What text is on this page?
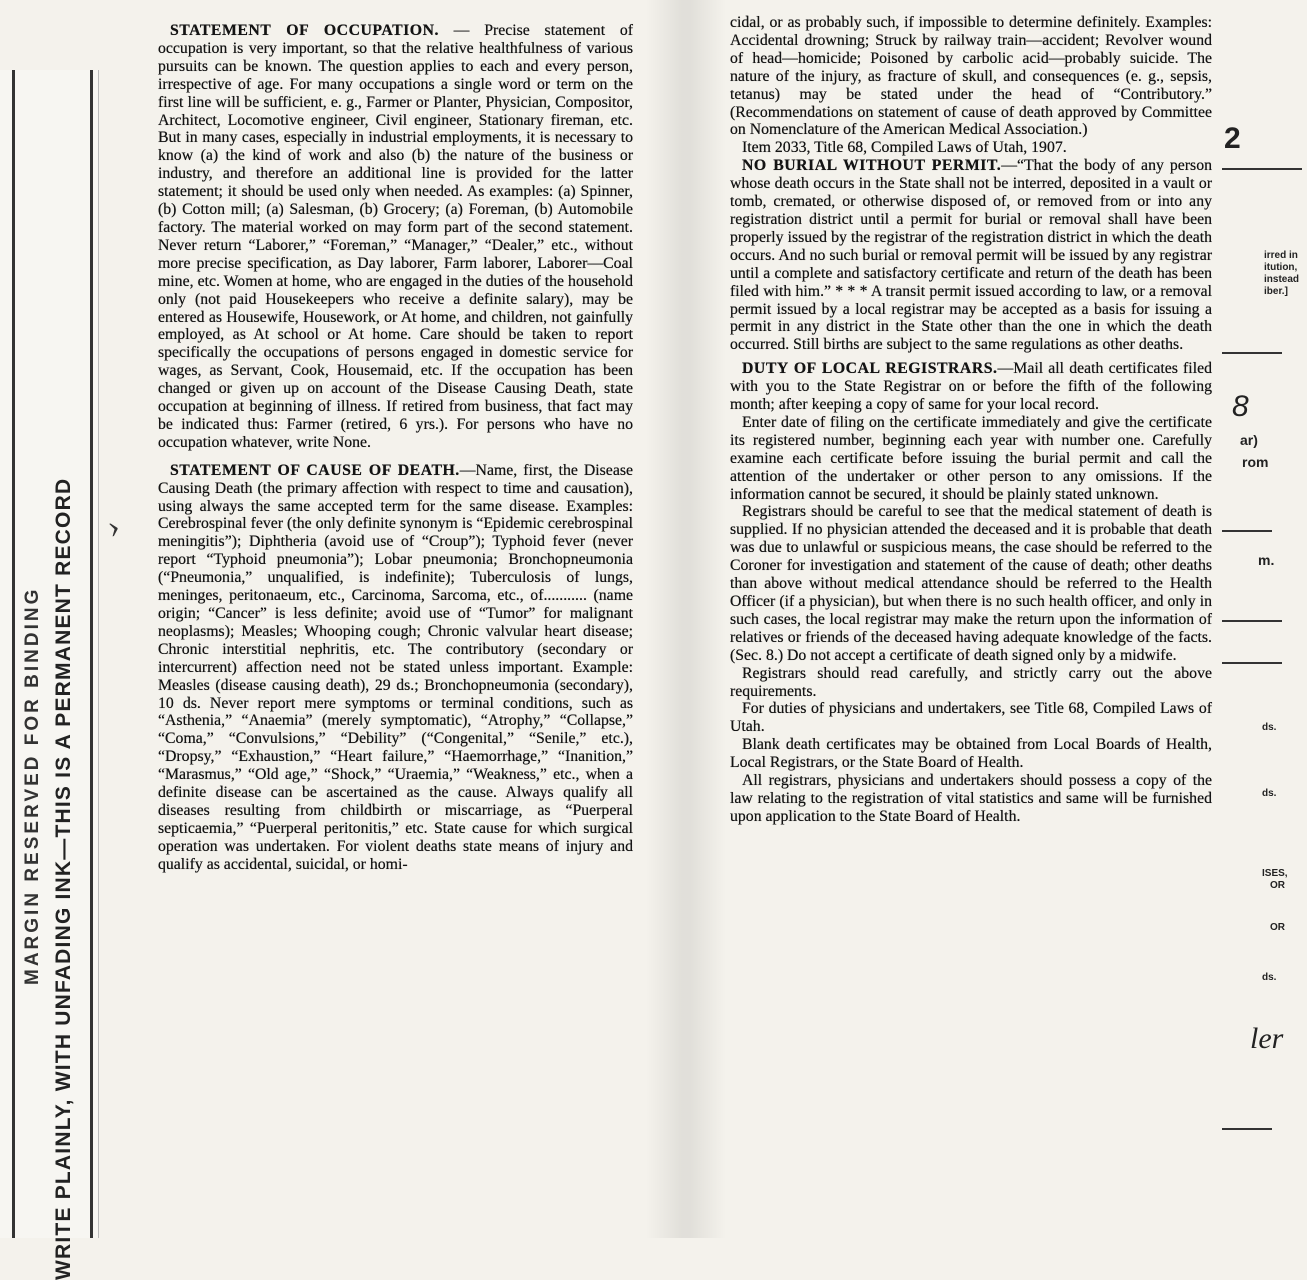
MARGIN RESERVED FOR BINDING WRITE PLAINLY, WITH UNFADING INK—THIS IS A PERMANENT RECORD ›

STATEMENT OF OCCUPATION. — Precise statement of occupation is very important, so that the relative healthfulness of various pursuits can be known. The question applies to each and every person, irrespective of age. For many occupations a single word or term on the first line will be sufficient, e. g., Farmer or Planter, Physician, Compositor, Architect, Locomotive engineer, Civil engineer, Stationary fireman, etc. But in many cases, especially in industrial employments, it is necessary to know (a) the kind of work and also (b) the nature of the business or industry, and therefore an additional line is provided for the latter statement; it should be used only when needed. As examples: (a) Spinner, (b) Cotton mill; (a) Salesman, (b) Grocery; (a) Foreman, (b) Automobile factory. The material worked on may form part of the second statement. Never return “Laborer,” “Foreman,” “Manager,” “Dealer,” etc., without more precise specification, as Day laborer, Farm laborer, Laborer—Coal mine, etc. Women at home, who are engaged in the duties of the household only (not paid Housekeepers who receive a definite salary), may be entered as Housewife, Housework, or At home, and children, not gainfully employed, as At school or At home. Care should be taken to report specifically the occupations of persons engaged in domestic service for wages, as Servant, Cook, Housemaid, etc. If the occupation has been changed or given up on account of the Disease Causing Death, state occupation at beginning of illness. If retired from business, that fact may be indicated thus: Farmer (retired, 6 yrs.). For persons who have no occupation whatever, write None.

STATEMENT OF CAUSE OF DEATH.—Name, first, the Disease Causing Death (the primary affection with respect to time and causation), using always the same accepted term for the same disease. Examples: Cerebrospinal fever (the only definite synonym is “Epidemic cerebrospinal meningitis”); Diphtheria (avoid use of “Croup”); Typhoid fever (never report “Typhoid pneumonia”); Lobar pneumonia; Bronchopneumonia (“Pneumonia,” unqualified, is indefinite); Tuberculosis of lungs, meninges, peritonaeum, etc., Carcinoma, Sarcoma, etc., of........... (name origin; “Cancer” is less definite; avoid use of “Tumor” for malignant neoplasms); Measles; Whooping cough; Chronic valvular heart disease; Chronic interstitial nephritis, etc. The contributory (secondary or intercurrent) affection need not be stated unless important. Example: Measles (disease causing death), 29 ds.; Bronchopneumonia (secondary), 10 ds. Never report mere symptoms or terminal conditions, such as “Asthenia,” “Anaemia” (merely symptomatic), “Atrophy,” “Collapse,” “Coma,” “Convulsions,” “Debility” (“Congenital,” “Senile,” etc.), “Dropsy,” “Exhaustion,” “Heart failure,” “Haemorrhage,” “Inanition,” “Marasmus,” “Old age,” “Shock,” “Uraemia,” “Weakness,” etc., when a definite disease can be ascertained as the cause. Always qualify all diseases resulting from childbirth or miscarriage, as “Puerperal septicaemia,” “Puerperal peritonitis,” etc. State cause for which surgical operation was undertaken. For violent deaths state means of injury and qualify as accidental, suicidal, or homi-

cidal, or as probably such, if impossible to determine definitely. Examples: Accidental drowning; Struck by railway train—accident; Revolver wound of head—homicide; Poisoned by carbolic acid—probably suicide. The nature of the injury, as fracture of skull, and consequences (e. g., sepsis, tetanus) may be stated under the head of “Contributory.” (Recommendations on statement of cause of death approved by Committee on Nomenclature of the American Medical Association.)

Item 2033, Title 68, Compiled Laws of Utah, 1907.

NO BURIAL WITHOUT PERMIT.—“That the body of any person whose death occurs in the State shall not be interred, deposited in a vault or tomb, cremated, or otherwise disposed of, or removed from or into any registration district until a permit for burial or removal shall have been properly issued by the registrar of the registration district in which the death occurs. And no such burial or removal permit will be issued by any registrar until a complete and satisfactory certificate and return of the death has been filed with him.” * * * A transit permit issued according to law, or a removal permit issued by a local registrar may be accepted as a basis for issuing a permit in any district in the State other than the one in which the death occurred. Still births are subject to the same regulations as other deaths.

DUTY OF LOCAL REGISTRARS.—Mail all death certificates filed with you to the State Registrar on or before the fifth of the following month; after keeping a copy of same for your local record.

Enter date of filing on the certificate immediately and give the certificate its registered number, beginning each year with number one. Carefully examine each certificate before issuing the burial permit and call the attention of the undertaker or other person to any omissions. If the information cannot be secured, it should be plainly stated unknown.

Registrars should be careful to see that the medical statement of death is supplied. If no physician attended the deceased and it is probable that death was due to unlawful or suspicious means, the case should be referred to the Coroner for investigation and statement of the cause of death; other deaths than above without medical attendance should be referred to the Health Officer (if a physician), but when there is no such health officer, and only in such cases, the local registrar may make the return upon the information of relatives or friends of the deceased having adequate knowledge of the facts. (Sec. 8.) Do not accept a certificate of death signed only by a midwife.

Registrars should read carefully, and strictly carry out the above requirements.

For duties of physicians and undertakers, see Title 68, Compiled Laws of Utah.

Blank death certificates may be obtained from Local Boards of Health, Local Registrars, or the State Board of Health.

All registrars, physicians and undertakers should possess a copy of the law relating to the registration of vital statistics and same will be furnished upon application to the State Board of Health.

2
irred in
itution,
instead
iber.]
8
ar)
rom
m.
ds.
ds.
ISES,
OR
OR
ds.
ler
